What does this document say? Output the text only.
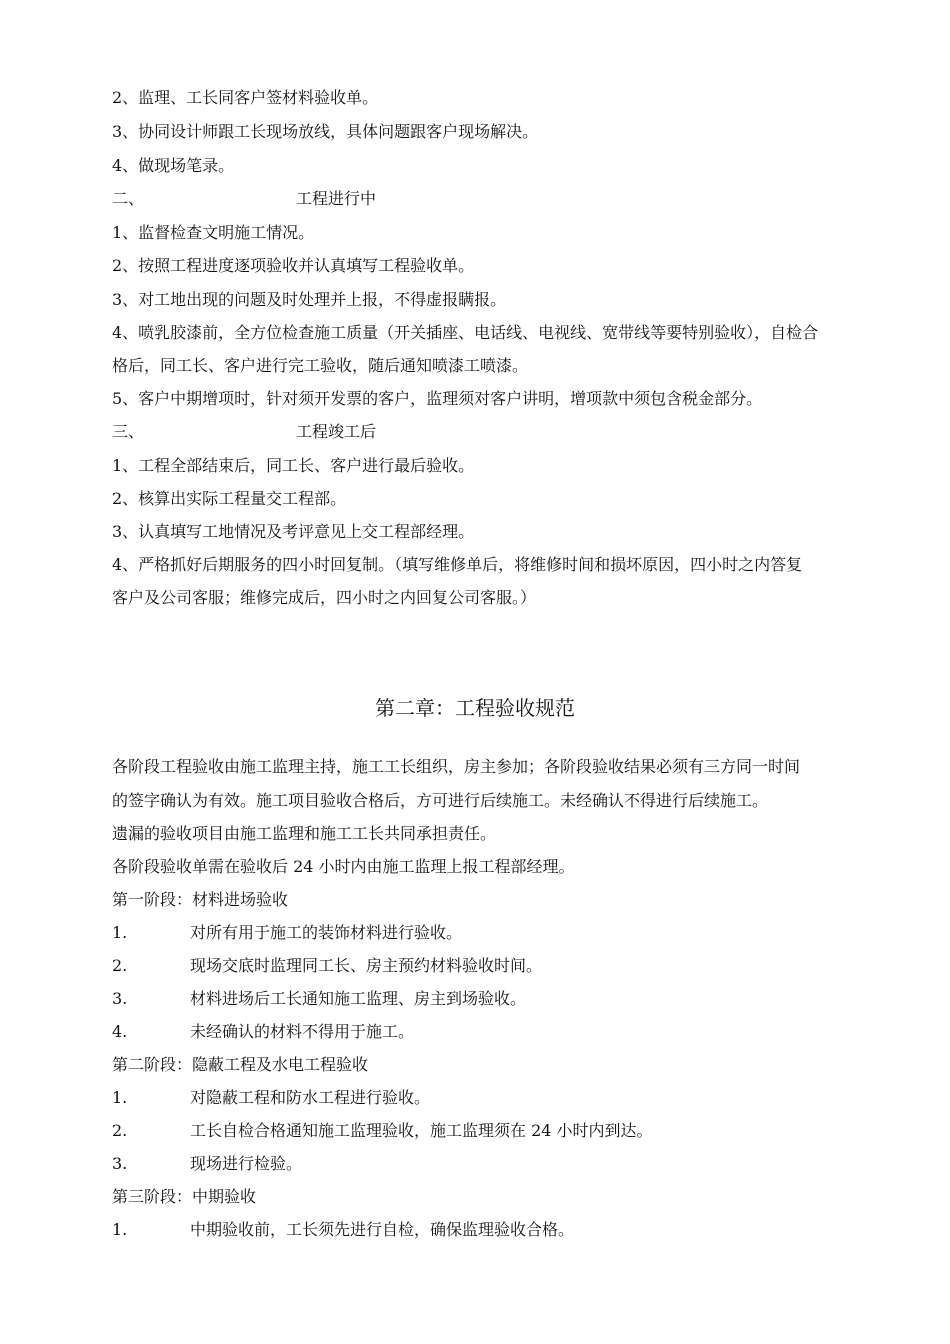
2、监理、工长同客户签材料验收单。
3、协同设计师跟工长现场放线，具体问题跟客户现场解决。
4、做现场笔录。
二、	工程进行中
1、监督检查文明施工情况。
2、按照工程进度逐项验收并认真填写工程验收单。
3、对工地出现的问题及时处理并上报，不得虚报瞒报。
4、喷乳胶漆前，全方位检查施工质量（开关插座、电话线、电视线、宽带线等要特别验收），自检合
格后，同工长、客户进行完工验收，随后通知喷漆工喷漆。
5、客户中期增项时，针对须开发票的客户，监理须对客户讲明，增项款中须包含税金部分。
三、	工程竣工后
1、工程全部结束后，同工长、客户进行最后验收。
2、核算出实际工程量交工程部。
3、认真填写工地情况及考评意见上交工程部经理。
4、严格抓好后期服务的四小时回复制。（填写维修单后，将维修时间和损坏原因，四小时之内答复
客户及公司客服；维修完成后，四小时之内回复公司客服。）
第二章：工程验收规范
各阶段工程验收由施工监理主持，施工工长组织，房主参加；各阶段验收结果必须有三方同一时间
的签字确认为有效。施工项目验收合格后，方可进行后续施工。未经确认不得进行后续施工。
遗漏的验收项目由施工监理和施工工长共同承担责任。
各阶段验收单需在验收后 24 小时内由施工监理上报工程部经理。
第一阶段：材料进场验收
1.	对所有用于施工的装饰材料进行验收。
2.	现场交底时监理同工长、房主预约材料验收时间。
3.	材料进场后工长通知施工监理、房主到场验收。
4.	未经确认的材料不得用于施工。
第二阶段：隐蔽工程及水电工程验收
1.	对隐蔽工程和防水工程进行验收。
2.	工长自检合格通知施工监理验收，施工监理须在 24 小时内到达。
3.	现场进行检验。
第三阶段：中期验收
1.	中期验收前，工长须先进行自检，确保监理验收合格。
